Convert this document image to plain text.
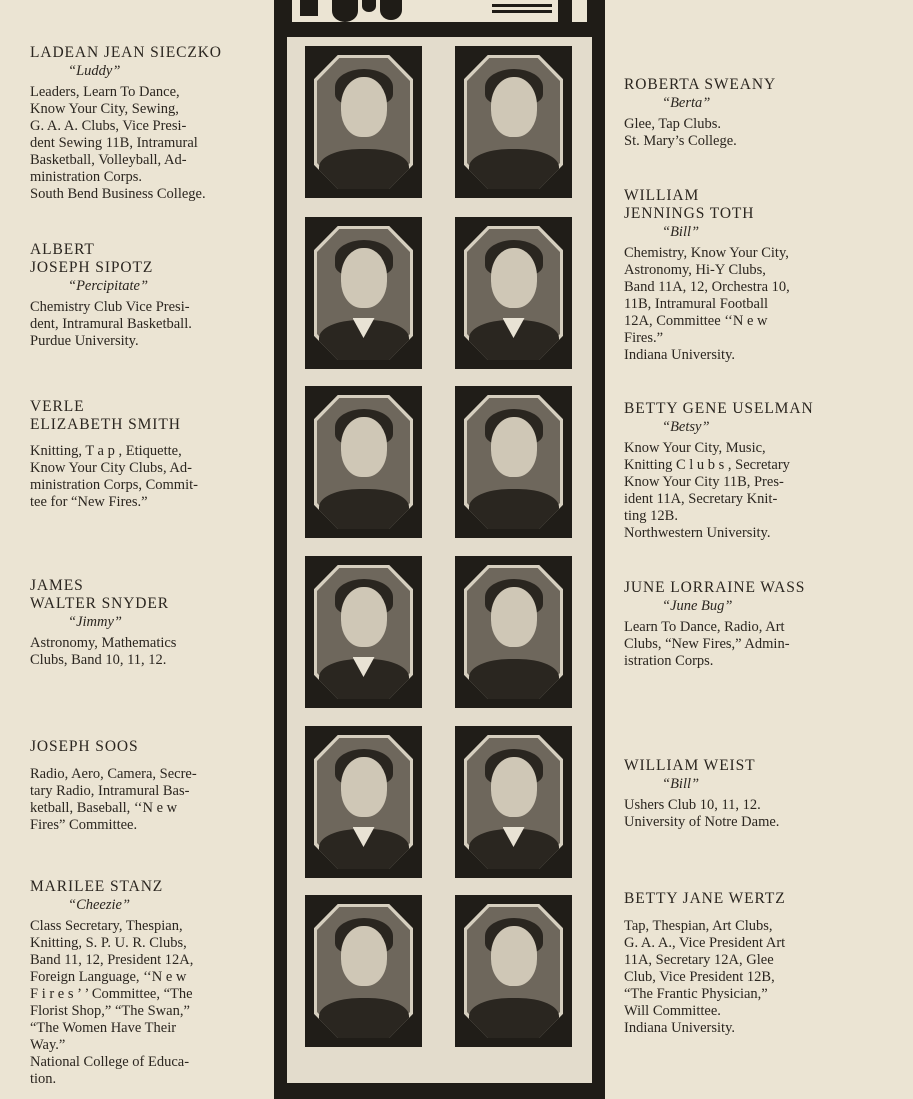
LADEAN JEAN SIECZKO
“Luddy”
Leaders, Learn To Dance,
Know Your City, Sewing,
G. A. A. Clubs, Vice Presi-
dent Sewing 11B, Intramural
Basketball, Volleyball, Ad-
ministration Corps.
South Bend Business College.
ALBERT
JOSEPH SIPOTZ
“Percipitate”
Chemistry Club Vice Presi-
dent, Intramural Basketball.
Purdue University.
VERLE
ELIZABETH SMITH
Knitting, T a p , Etiquette,
Know Your City Clubs, Ad-
ministration Corps, Commit-
tee for “New Fires.”
JAMES
WALTER SNYDER
“Jimmy”
Astronomy, Mathematics
Clubs, Band 10, 11, 12.
JOSEPH SOOS
Radio, Aero, Camera, Secre-
tary Radio, Intramural Bas-
ketball, Baseball, ‘‘N e w
Fires” Committee.
MARILEE STANZ
“Cheezie”
Class Secretary, Thespian,
Knitting, S. P. U. R. Clubs,
Band 11, 12, President 12A,
Foreign Language, ‘‘N e w
F i r e s ’ ’ Committee, “The
Florist Shop,” “The Swan,”
“The Women Have Their
Way.”
National College of Educa-
tion.
ROBERTA SWEANY
“Berta”
Glee, Tap Clubs.
St. Mary’s College.
WILLIAM
JENNINGS TOTH
“Bill”
Chemistry, Know Your City,
Astronomy, Hi-Y Clubs,
Band 11A, 12, Orchestra 10,
11B, Intramural Football
12A, Committee ‘‘N e w
Fires.”
Indiana University.
BETTY GENE USELMAN
“Betsy”
Know Your City, Music,
Knitting C l u b s , Secretary
Know Your City 11B, Pres-
ident 11A, Secretary Knit-
ting 12B.
Northwestern University.
JUNE LORRAINE WASS
“June Bug”
Learn To Dance, Radio, Art
Clubs, “New Fires,” Admin-
istration Corps.
WILLIAM WEIST
“Bill”
Ushers Club 10, 11, 12.
University of Notre Dame.
BETTY JANE WERTZ
Tap, Thespian, Art Clubs,
G. A. A., Vice President Art
11A, Secretary 12A, Glee
Club, Vice President 12B,
“The Frantic Physician,”
Will Committee.
Indiana University.
